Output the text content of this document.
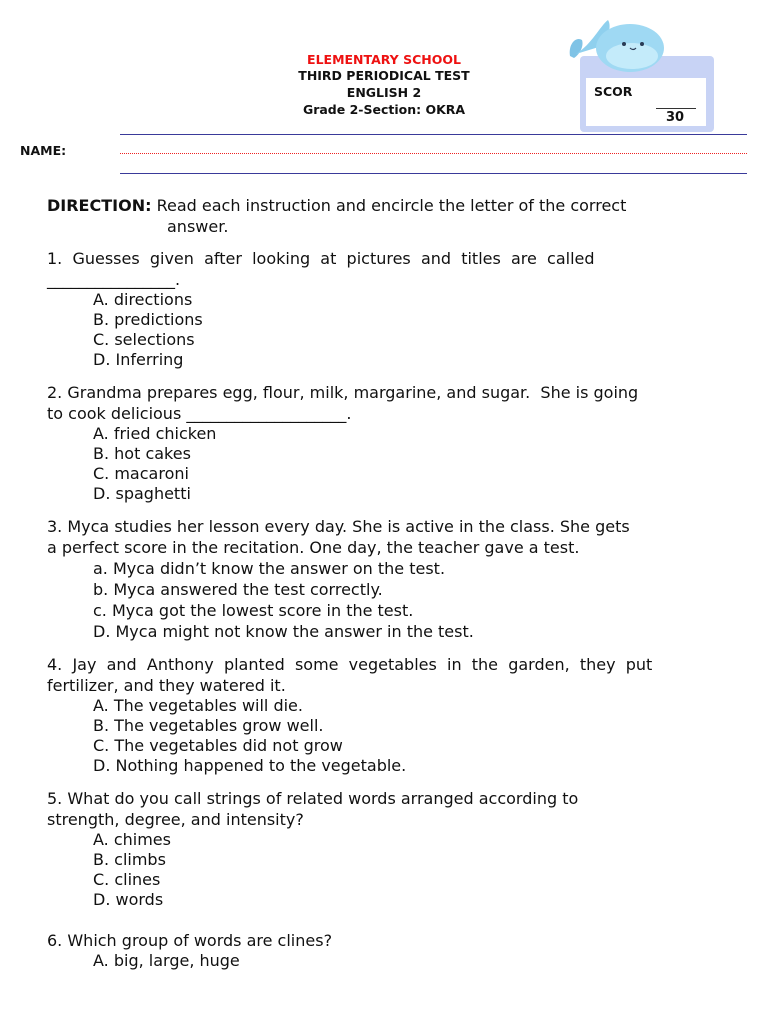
ELEMENTARY SCHOOL
THIRD PERIODICAL TEST
ENGLISH 2
Grade 2-Section: OKRA
SCOR
30
NAME:
DIRECTION: Read each instruction and encircle the letter of the correct
answer.
1.  Guesses  given  after  looking  at  pictures  and  titles  are  called
________________.
A. directions
B. predictions
C. selections
D. Inferring
2. Grandma prepares egg, flour, milk, margarine, and sugar.  She is going
to cook delicious ____________________.
A. fried chicken
B. hot cakes
C. macaroni
D. spaghetti
3. Myca studies her lesson every day. She is active in the class. She gets
a perfect score in the recitation. One day, the teacher gave a test.
a. Myca didn’t know the answer on the test.
b. Myca answered the test correctly.
c. Myca got the lowest score in the test.
D. Myca might not know the answer in the test.
4.  Jay  and  Anthony  planted  some  vegetables  in  the  garden,  they  put
fertilizer, and they watered it.
A. The vegetables will die.
B. The vegetables grow well.
C. The vegetables did not grow
D. Nothing happened to the vegetable.
5. What do you call strings of related words arranged according to
strength, degree, and intensity?
A. chimes
B. climbs
C. clines
D. words
6. Which group of words are clines?
A. big, large, huge
